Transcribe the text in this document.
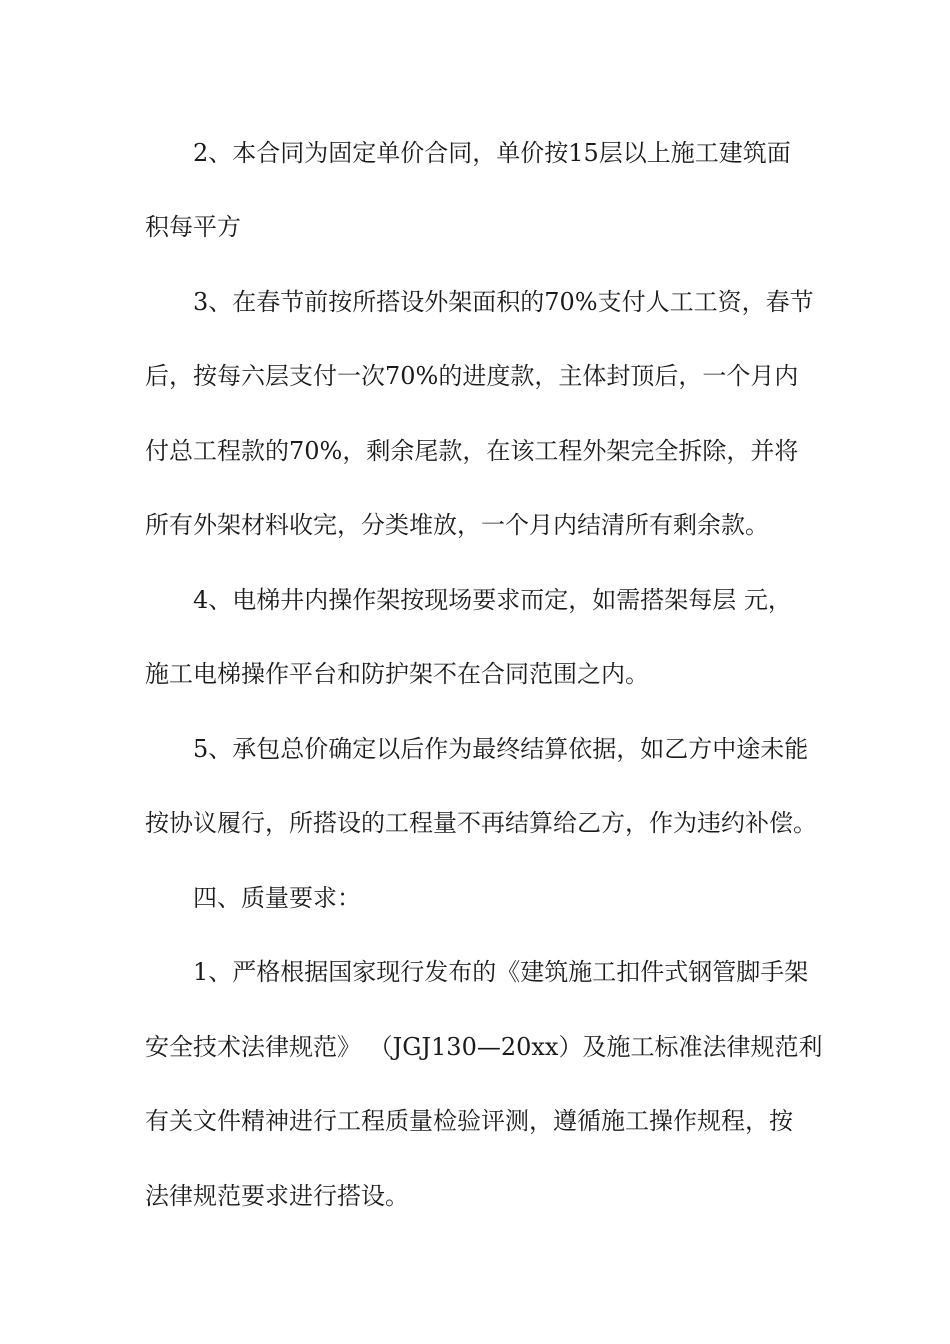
2、本合同为固定单价合同，单价按15层以上施工建筑面
积每平方
3、在春节前按所搭设外架面积的70%支付人工工资，春节
后，按每六层支付一次70%的进度款，主体封顶后，一个月内
付总工程款的70%，剩余尾款，在该工程外架完全拆除，并将
所有外架材料收完，分类堆放，一个月内结清所有剩余款。
4、电梯井内操作架按现场要求而定，如需搭架每层 元，
施工电梯操作平台和防护架不在合同范围之内。
5、承包总价确定以后作为最终结算依据，如乙方中途未能
按协议履行，所搭设的工程量不再结算给乙方，作为违约补偿。
四、质量要求：
1、严格根据国家现行发布的《建筑施工扣件式钢管脚手架
安全技术法律规范》 （JGJ130—20xx）及施工标准法律规范利
有关文件精神进行工程质量检验评测，遵循施工操作规程，按
法律规范要求进行搭设。
